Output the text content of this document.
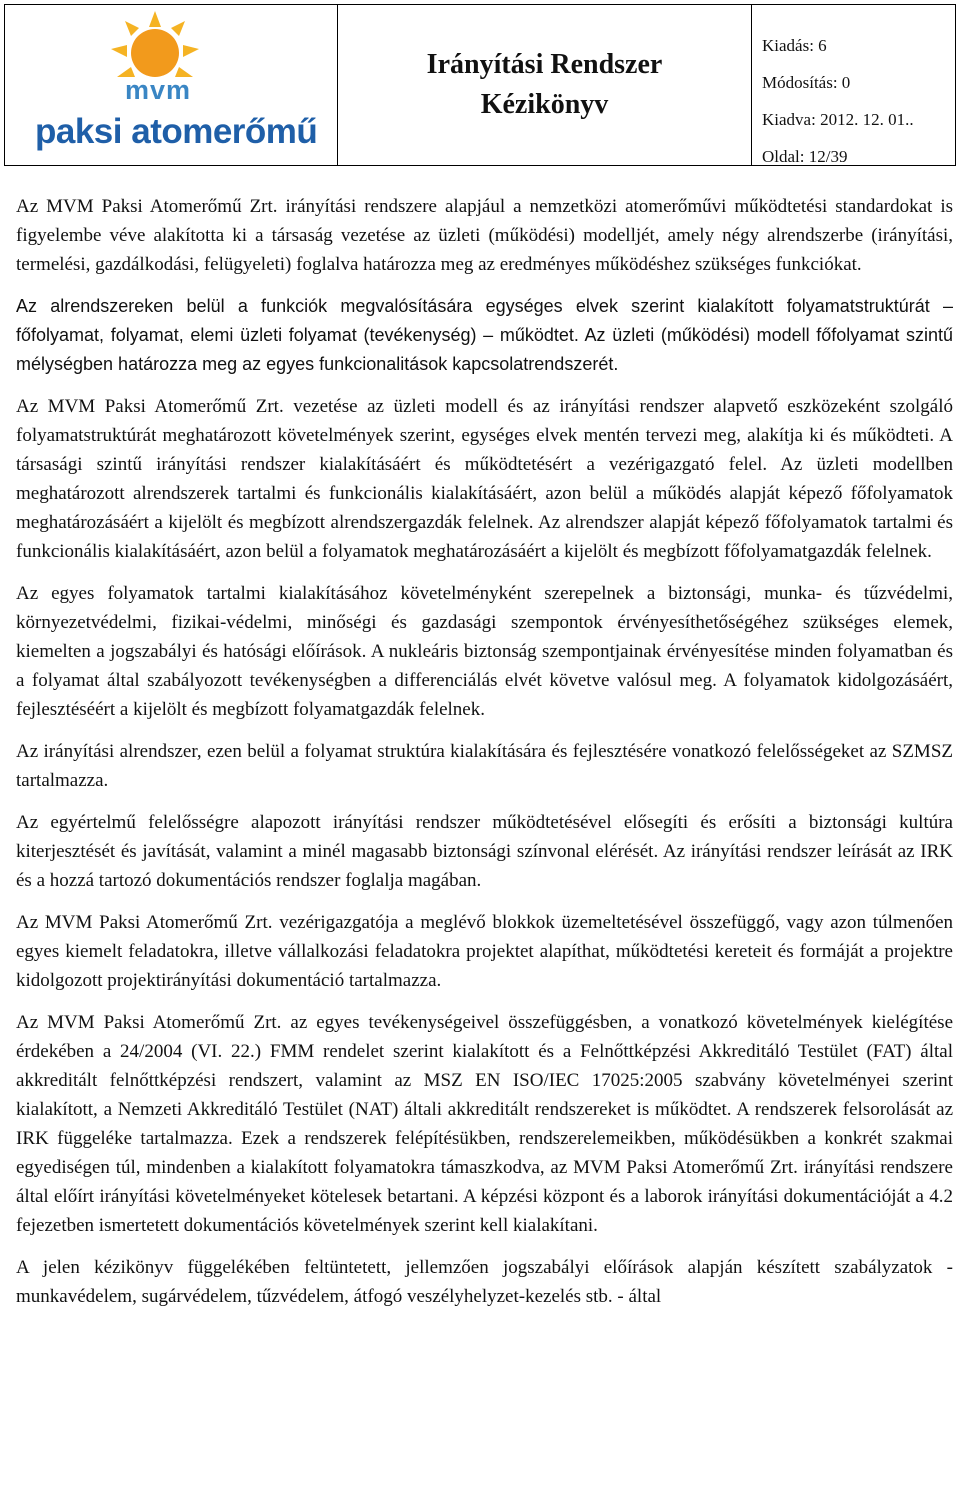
mvm
paksi atomerőmű
Irányítási Rendszer
Kézikönyv
Kiadás: 6
Módosítás: 0
Kiadva: 2012. 12. 01..
Oldal: 12/39

Az MVM Paksi Atomerőmű Zrt. irányítási rendszere alapjául a nemzetközi atomerőművi működtetési standardokat is figyelembe véve alakította ki a társaság vezetése az üzleti (működési) modelljét, amely négy alrendszerbe (irányítási, termelési, gazdálkodási, felügyeleti) foglalva határozza meg az eredményes működéshez szükséges funkciókat.

Az alrendszereken belül a funkciók megvalósítására egységes elvek szerint kialakított folyamatstruktúrát – főfolyamat, folyamat, elemi üzleti folyamat (tevékenység) – működtet. Az üzleti (működési) modell főfolyamat szintű mélységben határozza meg az egyes funkcionalitások kapcsolatrendszerét.

Az MVM Paksi Atomerőmű Zrt. vezetése az üzleti modell és az irányítási rendszer alapvető eszközeként szolgáló folyamatstruktúrát meghatározott követelmények szerint, egységes elvek mentén tervezi meg, alakítja ki és működteti. A társasági szintű irányítási rendszer kialakításáért és működtetésért a vezérigazgató felel. Az üzleti modellben meghatározott alrendszerek tartalmi és funkcionális kialakításáért, azon belül a működés alapját képező főfolyamatok meghatározásáért a kijelölt és megbízott alrendszergazdák felelnek. Az alrendszer alapját képező főfolyamatok tartalmi és funkcionális kialakításáért, azon belül a folyamatok meghatározásáért a kijelölt és megbízott főfolyamatgazdák felelnek.

Az egyes folyamatok tartalmi kialakításához követelményként szerepelnek a biztonsági, munka- és tűzvédelmi, környezetvédelmi, fizikai-védelmi, minőségi és gazdasági szempontok érvényesíthetőségéhez szükséges elemek, kiemelten a jogszabályi és hatósági előírások. A nukleáris biztonság szempontjainak érvényesítése minden folyamatban és a folyamat által szabályozott tevékenységben a differenciálás elvét követve valósul meg. A folyamatok kidolgozásáért, fejlesztéséért a kijelölt és megbízott folyamatgazdák felelnek.

Az irányítási alrendszer, ezen belül a folyamat struktúra kialakítására és fejlesztésére vonatkozó felelősségeket az SZMSZ tartalmazza.

Az egyértelmű felelősségre alapozott irányítási rendszer működtetésével elősegíti és erősíti a biztonsági kultúra kiterjesztését és javítását, valamint a minél magasabb biztonsági színvonal elérését. Az irányítási rendszer leírását az IRK és a hozzá tartozó dokumentációs rendszer foglalja magában.

Az MVM Paksi Atomerőmű Zrt. vezérigazgatója a meglévő blokkok üzemeltetésével összefüggő, vagy azon túlmenően egyes kiemelt feladatokra, illetve vállalkozási feladatokra projektet alapíthat, működtetési kereteit és formáját a projektre kidolgozott projektirányítási dokumentáció tartalmazza.

Az MVM Paksi Atomerőmű Zrt. az egyes tevékenységeivel összefüggésben, a vonatkozó követelmények kielégítése érdekében a 24/2004 (VI. 22.) FMM rendelet szerint kialakított és a Felnőttképzési Akkreditáló Testület (FAT) által akkreditált felnőttképzési rendszert, valamint az MSZ EN ISO/IEC 17025:2005 szabvány követelményei szerint kialakított, a Nemzeti Akkreditáló Testület (NAT) általi akkreditált rendszereket is működtet. A rendszerek felsorolását az IRK függeléke tartalmazza. Ezek a rendszerek felépítésükben, rendszerelemeikben, működésükben a konkrét szakmai egyediségen túl, mindenben a kialakított folyamatokra támaszkodva, az MVM Paksi Atomerőmű Zrt. irányítási rendszere által előírt irányítási követelményeket kötelesek betartani. A képzési központ és a laborok irányítási dokumentációját a 4.2 fejezetben ismertetett dokumentációs követelmények szerint kell kialakítani.

A jelen kézikönyv függelékében feltüntetett, jellemzően jogszabályi előírások alapján készített szabályzatok - munkavédelem, sugárvédelem, tűzvédelem, átfogó veszélyhelyzet-kezelés stb. - által
